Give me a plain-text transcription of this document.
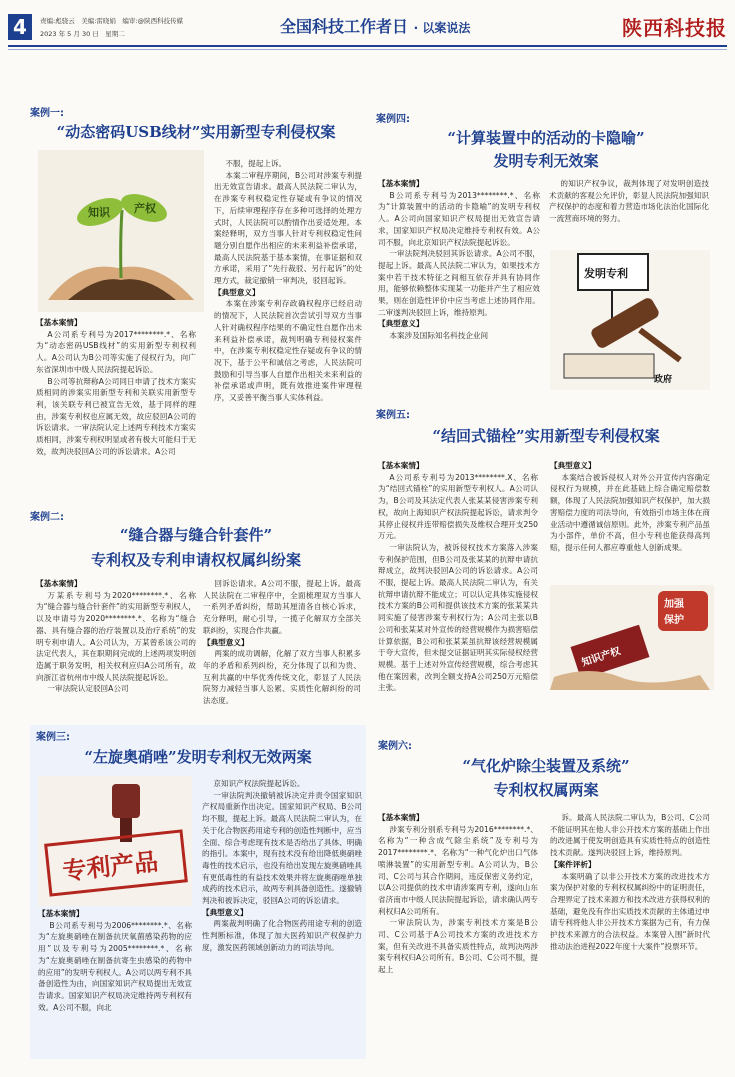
4	责编:彪骁云　美编:雷晓娟　编审:@陕西科技传媒
2023 年 5 月 30 日　星期二	全国科技工作者日 · 以案说法	陕西科技报
案例一:
“动态密码USB线材”实用新型专利侵权案
知识 产权

【基本案情】

A公司系专利号为2017********.*、名称为“动态密码USB线材”的实用新型专利权利人。A公司认为B公司等实施了侵权行为，向广东省深圳市中级人民法院提起诉讼。

B公司等抗辩称A公司同日申请了技术方案实质相同的涉案实用新型专利和关联实用新型专利，该关联专利已被宣告无效，基于同样的理由，涉案专利权也应属无效，故应驳回A公司的诉讼请求。一审法院认定上述两专利技术方案实质相同，涉案专利权明显或者有极大可能归于无效，故判决驳回A公司的诉讼请求。A公司

不服，提起上诉。

本案二审程序期间，B公司对涉案专利提出无效宣告请求。最高人民法院二审认为，在涉案专利权稳定性存疑或有争议的情况下，后续审理程序存在多种可选择的处理方式时，人民法院可以酌情作出妥适处理。本案经释明，双方当事人针对专利权稳定性问题分别自愿作出相应的未来利益补偿承诺，最高人民法院基于基本案情，在事证据和双方承诺，采用了“先行裁驳、另行起诉”的处理方式，裁定撤销一审判决，驳回起诉。

【典型意义】

本案在涉案专利存政确权程序已经启动的情况下，人民法院首次尝试引导双方当事人针对确权程序结果的不确定性自愿作出未来利益补偿承诺，裁判明确专利侵权案件中，在涉案专利权稳定性存疑或有争议的情况下，基于公平和诚信之考虑，人民法院可鼓励和引导当事人自愿作出相关未来利益的补偿承诺或声明，既有效推进案件审理程序，又妥善平衡当事人实体利益。

案例二:
“缝合器与缝合针套件”
专利权及专利申请权权属纠纷案

【基本案情】

万某系专利号为2020********.*、名称为“缝合器与缝合针套件”的实用新型专利权人，以及申请号为2020********.*、名称为“缝合器、具有缝合器的治疗装置以及治疗系统”的发明专利申请人。A公司认为，万某曾系该公司的法定代表人，其在职期间完成的上述两项发明创造属于职务发明，相关权利应归A公司所有，故向浙江省杭州市中级人民法院提起诉讼。

一审法院认定驳回A公司

回诉讼请求。A公司不服，提起上诉。最高人民法院在二审程序中，全面梳理双方当事人一系列矛盾纠纷，帮助其厘清各自核心诉求，充分释明，耐心引导，一揽子化解双方全部关联纠纷，实现合作共赢。

【典型意义】

两案的成功调解，化解了双方当事人积累多年的矛盾和系列纠纷，充分体现了以和为贵、互利共赢的中华优秀传统文化，彰显了人民法院努力减轻当事人讼累、实质性化解纠纷的司法态度。

案例三:
“左旋奥硝唑”发明专利权无效两案
专利产品

【基本案情】

B公司系专利号为2006********.*、名称为“左旋奥硝唑在制备抗厌氧菌感染药物的应用”以及专利号为2005********.*、名称为“左旋奥硝唑在制备抗寄生虫感染的药物中的应用”的发明专利权人。A公司以两专利不具备创造性为由，向国家知识产权局提出无效宣告请求。国家知识产权局决定维持两专利权有效。A公司不服，向北

京知识产权法院提起诉讼。

一审法院判决撤销被诉决定并责令国家知识产权局重新作出决定。国家知识产权局、B公司均不服，提起上诉。最高人民法院二审认为，在关于化合物医药用途专利的创造性判断中，应当全面、综合考虑现有技术是否给出了具体、明确的指引。本案中，现有技术没有给出降低奥硝唑毒性的技术启示，也没有给出发现左旋奥硝唑具有更低毒性的有益技术效果并将左旋奥硝唑单独成药的技术启示，故两专利具备创造性。遂撤销判决和被诉决定，驳回A公司的诉讼请求。

【典型意义】

两案裁判明确了化合物医药用途专利的创造性判断标准，体现了加大医药知识产权保护力度，激发医药领域创新动力的司法导向。

案例四:
“计算装置中的活动的卡隐喻”
发明专利无效案

【基本案情】

B公司系专利号为2013********.*、名称为“计算装置中的活动的卡隐喻”的发明专利权人。A公司向国家知识产权局提出无效宣告请求，国家知识产权局决定维持专利权有效。A公司不服，向北京知识产权法院提起诉讼。

一审法院判决驳回其诉讼请求。A公司不服，提起上诉。最高人民法院二审认为，如果技术方案中若干技术特征之间相互依存并具有协同作用，能够依赖整体实现某一功能并产生了相应效果，则在创造性评价中应当考虑上述协同作用。二审遂判决驳回上诉，维持原判。

【典型意义】

本案涉及国际知名科技企业间

的知识产权争议，裁判体现了对发明创造技术贡献的客观公允评价，彰显人民法院加强知识产权保护的态度和着力营造市场化法治化国际化一流营商环境的努力。

发明专利
政府
案例五:
“结回式锚栓”实用新型专利侵权案

【基本案情】

A公司系专利号为2013********.X、名称为“结回式锚栓”的实用新型专利权人。A公司认为，B公司及其法定代表人张某某侵害涉案专利权，故向上海知识产权法院提起诉讼，请求判令其停止侵权并连带赔偿损失及维权合理开支250万元。

一审法院认为，被诉侵权技术方案落入涉案专利保护范围，但B公司及张某某的抗辩申请抗辩成立，故判决驳回A公司的诉讼请求。A公司不服，提起上诉。最高人民法院二审认为，有关抗辩申请抗辩不能成立；可以认定具体实施侵权技术方案的B公司和提供该技术方案的张某某共同实施了侵害涉案专利权行为；A公司主张以B公司和张某某对外宣传的经营规模作为损害赔偿计算依据，B公司和张某某虽抗辩该经营规模属于夸大宣传，但未提交证据证明其实际侵权经营规模。基于上述对外宣传经营规模，综合考虑其他在案因素，改判全额支持A公司250万元赔偿主张。

【典型意义】

本案结合被诉侵权人对外公开宣传内容确定侵权行为规模，并在此基础上综合确定赔偿数额，体现了人民法院加强知识产权保护，加大损害赔偿力度的司法导向，有效指引市场主体在商业活动中遵循诚信原则。此外，涉案专利产品虽为小部件，单价不高，但小专利也能获得高判赔，提示任何人都应尊重他人创新成果。

加强
保护
知识产权
案例六:
“气化炉除尘装置及系统”
专利权权属两案

【基本案情】

涉案专利分别系专利号为2016********.*、名称为“一种含成气除尘系统”及专利号为2017********.*、名称为“一种气化炉出口气体喷淋装置”的实用新型专利。A公司认为，B公司、C公司与其合作期间，违反保密义务约定，以A公司提供的技术申请涉案两专利，遂向山东省济南市中级人民法院提起诉讼，请求确认两专利权归A公司所有。

一审法院认为，涉案专利技术方案是B公司、C公司基于A公司技术方案的改进技术方案，但有关改进不具备实质性特点，故判决两涉案专利权归A公司所有。B公司、C公司不服，提起上

诉。最高人民法院二审认为，B公司、C公司不能证明其在他人非公开技术方案的基础上作出的改进属于使发明创造具有实质性特点的创造性技术贡献。遂判决驳回上诉，维持原判。

【案件评析】

本案明确了以非公开技术方案的改进技术方案为保护对象的专利权权属纠纷中的证明责任，合理界定了技术来源方和技术改进方获得权利的基础，避免没有作出实质技术贡献的主体通过申请专利将他人非公开技术方案据为己有，有力保护技术来源方的合法权益。本案曾入围“新时代推动法治进程2022年度十大案件”投票环节。
